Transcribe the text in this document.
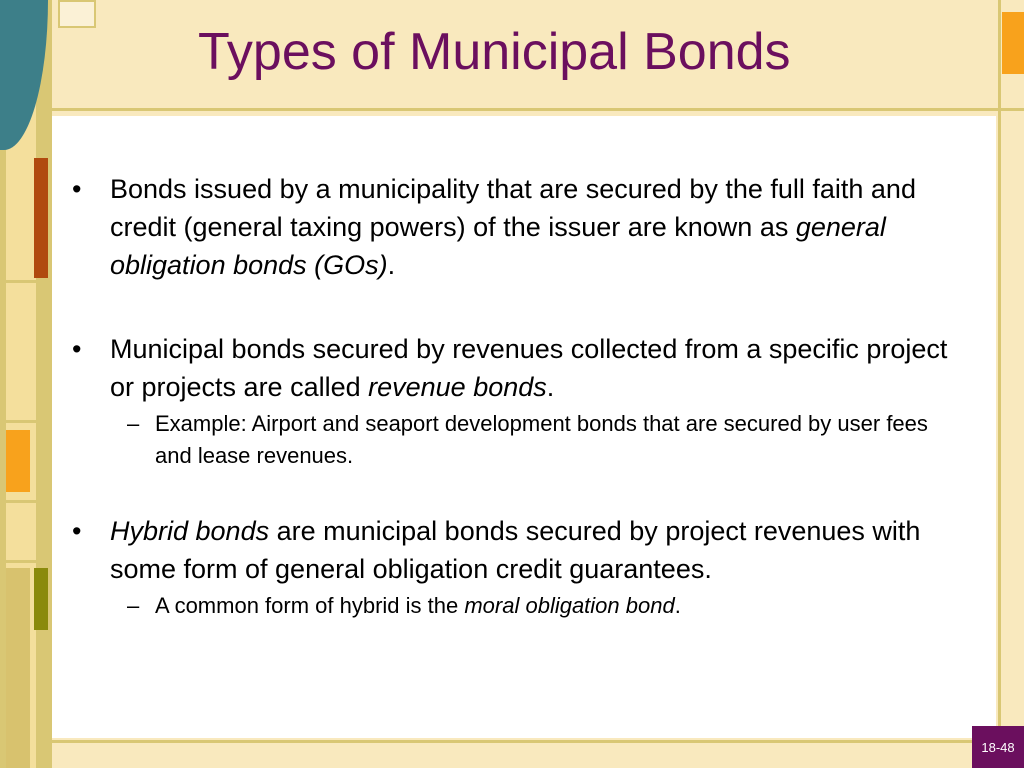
Types of Municipal Bonds
• Bonds issued by a municipality that are secured by the full faith and credit (general taxing powers) of the issuer are known as general obligation bonds (GOs).
• Municipal bonds secured by revenues collected from a specific project or projects are called revenue bonds.
– Example: Airport and seaport development bonds that are secured by user fees and lease revenues.
• Hybrid bonds are municipal bonds secured by project revenues with some form of general obligation credit guarantees.
– A common form of hybrid is the moral obligation bond.
18-48
